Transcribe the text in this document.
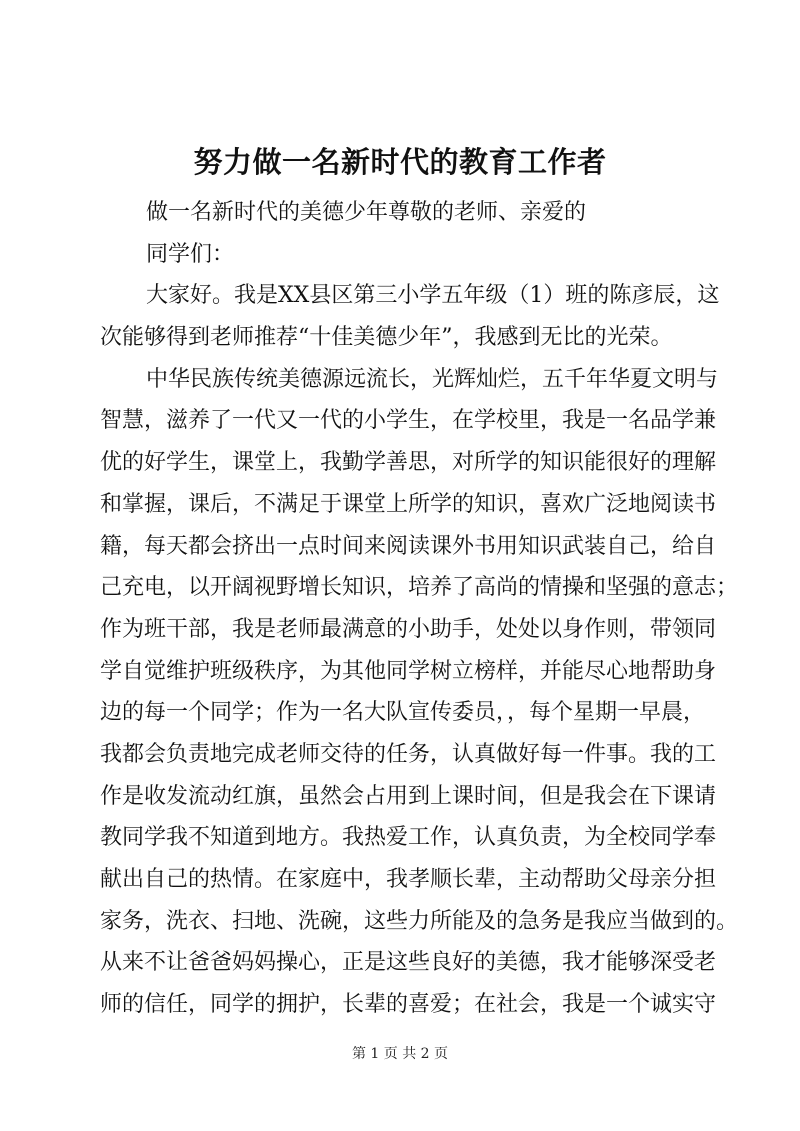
努力做一名新时代的教育工作者
做一名新时代的美德少年尊敬的老师、亲爱的
同学们：
大家好。我是XX县区第三小学五年级（1）班的陈彦辰，这
次能够得到老师推荐“十佳美德少年”，我感到无比的光荣。
中华民族传统美德源远流长，光辉灿烂，五千年华夏文明与
智慧，滋养了一代又一代的小学生，在学校里，我是一名品学兼
优的好学生，课堂上，我勤学善思，对所学的知识能很好的理解
和掌握，课后，不满足于课堂上所学的知识，喜欢广泛地阅读书
籍，每天都会挤出一点时间来阅读课外书用知识武装自己，给自
己充电，以开阔视野增长知识，培养了高尚的情操和坚强的意志；
作为班干部，我是老师最满意的小助手，处处以身作则，带领同
学自觉维护班级秩序，为其他同学树立榜样，并能尽心地帮助身
边的每一个同学；作为一名大队宣传委员，，每个星期一早晨，
我都会负责地完成老师交待的任务，认真做好每一件事。我的工
作是收发流动红旗，虽然会占用到上课时间，但是我会在下课请
教同学我不知道到地方。我热爱工作，认真负责，为全校同学奉
献出自己的热情。在家庭中，我孝顺长辈，主动帮助父母亲分担
家务，洗衣、扫地、洗碗，这些力所能及的急务是我应当做到的。
从来不让爸爸妈妈操心，正是这些良好的美德，我才能够深受老
师的信任，同学的拥护，长辈的喜爱；在社会，我是一个诚实守
第 1 页 共 2 页
